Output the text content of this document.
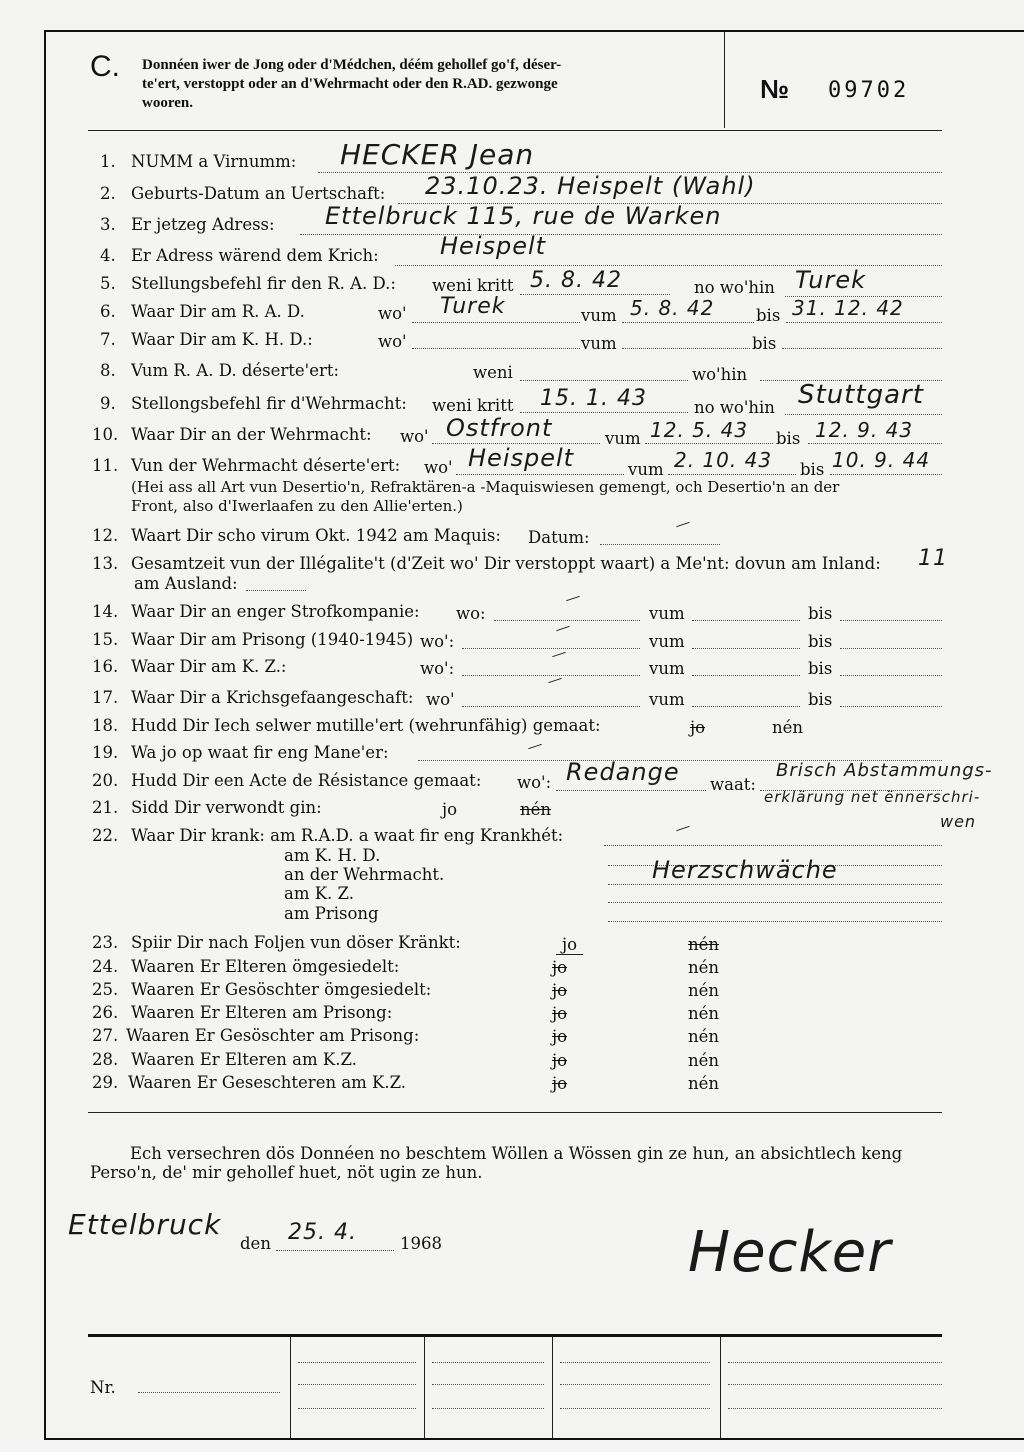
C. Donnéen iwer de Jong oder d'Médchen, déém gehollef go'f, déser-
te'ert, verstoppt oder an d'Wehrmacht oder den R.AD. gezwonge
wooren.	№ 09702
1. NUMM a Virnumm: HECKER Jean
2. Geburts-Datum an Uertschaft: 23.10.23. Heispelt (Wahl)
3. Er jetzeg Adress: Ettelbruck 115, rue de Warken
4. Er Adress wärend dem Krich:	Heispelt
5. Stellungsbefehl fir den R. A. D.: weni kritt 5. 8. 42	no wo'hin Turek
6. Waar Dir am R. A. D.	wo' Turek	vum 5. 8. 42	bis 31. 12. 42
7. Waar Dir am K. H. D.:	wo'	vum	bis
8. Vum R. A. D. déserte'ert:	weni	wo'hin
9. Stellongsbefehl fir d'Wehrmacht: weni kritt 15. 1. 43	no wo'hin Stuttgart
10. Waar Dir an der Wehrmacht: wo' Ostfront	vum 12. 5. 43 bis 12. 9. 43
11. Vun der Wehrmacht déserte'ert: wo' Heispelt	vum 2. 10. 43 bis 10. 9. 44
(Hei ass all Art vun Desertio'n, Refraktären-a -Maquiswiesen gemengt, och Desertio'n an der
Front, also d'Iwerlaafen zu den Allie'erten.)
12. Waart Dir scho virum Okt. 1942 am Maquis: Datum:
13. Gesamtzeit vun der Illégalite't (d'Zeit wo' Dir verstoppt waart) a Me'nt: dovun am Inland: 11
am Ausland:
14. Waar Dir an enger Strofkompanie: wo:	vum	bis
15. Waar Dir am Prisong (1940-1945) wo':	vum	bis
16. Waar Dir am K. Z.:	wo':	vum	bis
17. Waar Dir a Krichsgefaangeschaft: wo'	vum	bis
18. Hudd Dir Iech selwer mutille'ert (wehrunfähig) gemaat:	jo	nén
19. Wa jo op waat fir eng Mane'er:
20. Hudd Dir een Acte de Résistance gemaat: wo': Redange waat:
Brisch Abstammungs-
erklärung net ënnerschri-
wen
21. Sidd Dir verwondt gin:	jo	nén
22. Waar Dir krank: am R.A.D. a waat fir eng Krankhét:
am K. H. D.
an der Wehrmacht.	Herzschwäche
am K. Z.
am Prisong
23. Spiir Dir nach Foljen vun döser Kränkt:	jo	nén
24. Waaren Er Elteren ömgesiedelt:	jo	nén
25. Waaren Er Gesöschter ömgesiedelt:	jo	nén
26. Waaren Er Elteren am Prisong:	jo	nén
27. Waaren Er Gesöschter am Prisong:	jo	nén
28. Waaren Er Elteren am K.Z.	jo	nén
29. Waaren Er Geseschteren am K.Z.	jo	nén
Ech versechren dös Donnéen no beschtem Wöllen a Wössen gin ze hun, an absichtlech keng
Perso'n, de' mir gehollef huet, nöt ugin ze hun.
Ettelbruck
den 25. 4.	1968	Hecker
Nr.
